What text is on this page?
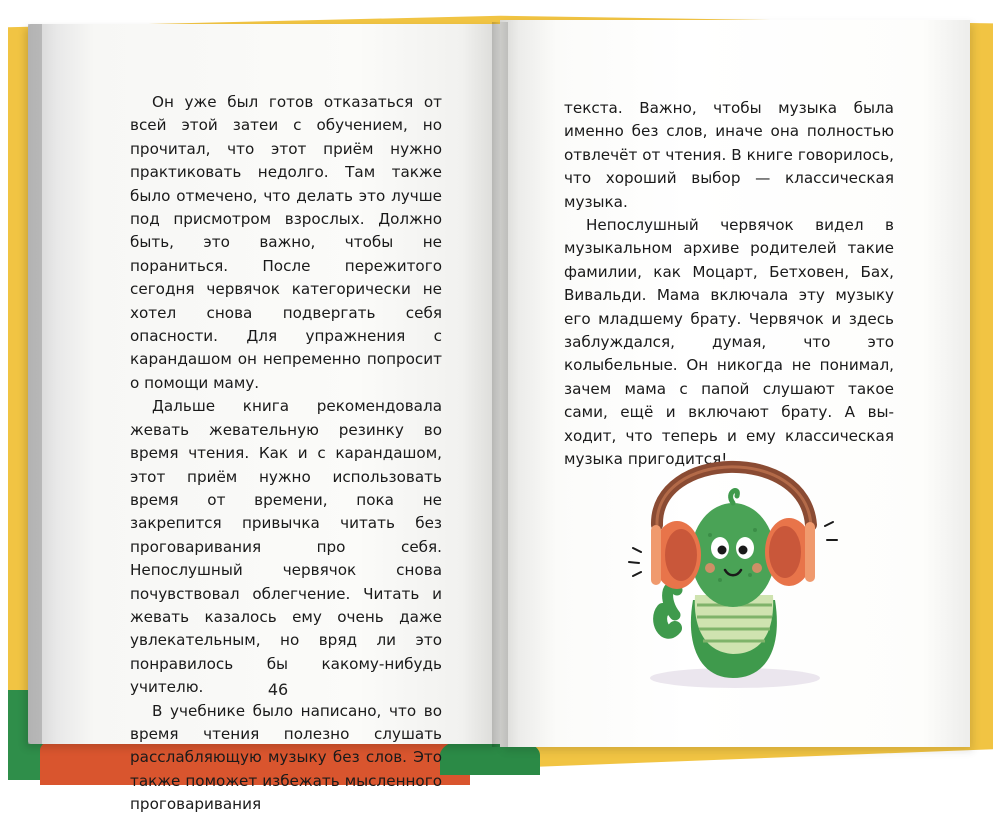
Он уже был готов отказаться от всей этой затеи с обучением, но прочитал, что этот приём нужно практиковать недолго. Там также было отмечено, что делать это лучше под присмотром взрослых. Должно быть, это важно, чтобы не пораниться. После пережитого сегодня червячок категорически не хотел снова подвергать себя опасности. Для упражнения с карандашом он непременно попросит о помощи маму.

Дальше книга рекомендовала жевать жевательную резинку во время чтения. Как и с карандашом, этот приём нужно использовать время от времени, пока не закрепится привычка читать без проговаривания про себя. Непослушный червячок снова почувствовал облегчение. Читать и жевать казалось ему очень даже увлекательным, но вряд ли это понравилось бы какому-нибудь учителю.

В учебнике было написано, что во время чтения полезно слушать расслабляющую музыку без слов. Это также поможет избежать мысленного проговаривания

46

текста. Важно, чтобы музыка была именно без слов, иначе она полностью отвлечёт от чтения. В книге говорилось, что хороший выбор — классическая музыка.

Непослушный червячок видел в музыкальном архиве родителей такие фамилии, как Моцарт, Бетховен, Бах, Вивальди. Мама включала эту музыку его младшему брату. Червячок и здесь заблуждался, думая, что это колыбельные. Он никогда не понимал, зачем мама с папой слушают такое сами, ещё и включают брату. А выходит, что теперь и ему классическая музыка пригодится!
